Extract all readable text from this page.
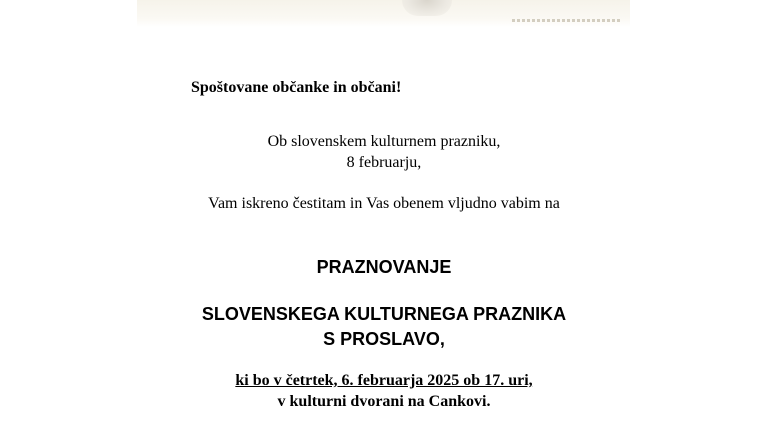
Spoštovane občanke in občani!
Ob slovenskem kulturnem prazniku,
8 februarju,
Vam iskreno čestitam in Vas obenem vljudno vabim na
PRAZNOVANJE
SLOVENSKEGA KULTURNEGA PRAZNIKA
S PROSLAVO,
ki bo v četrtek, 6. februarja 2025 ob 17. uri,
v kulturni dvorani na Cankovi.
